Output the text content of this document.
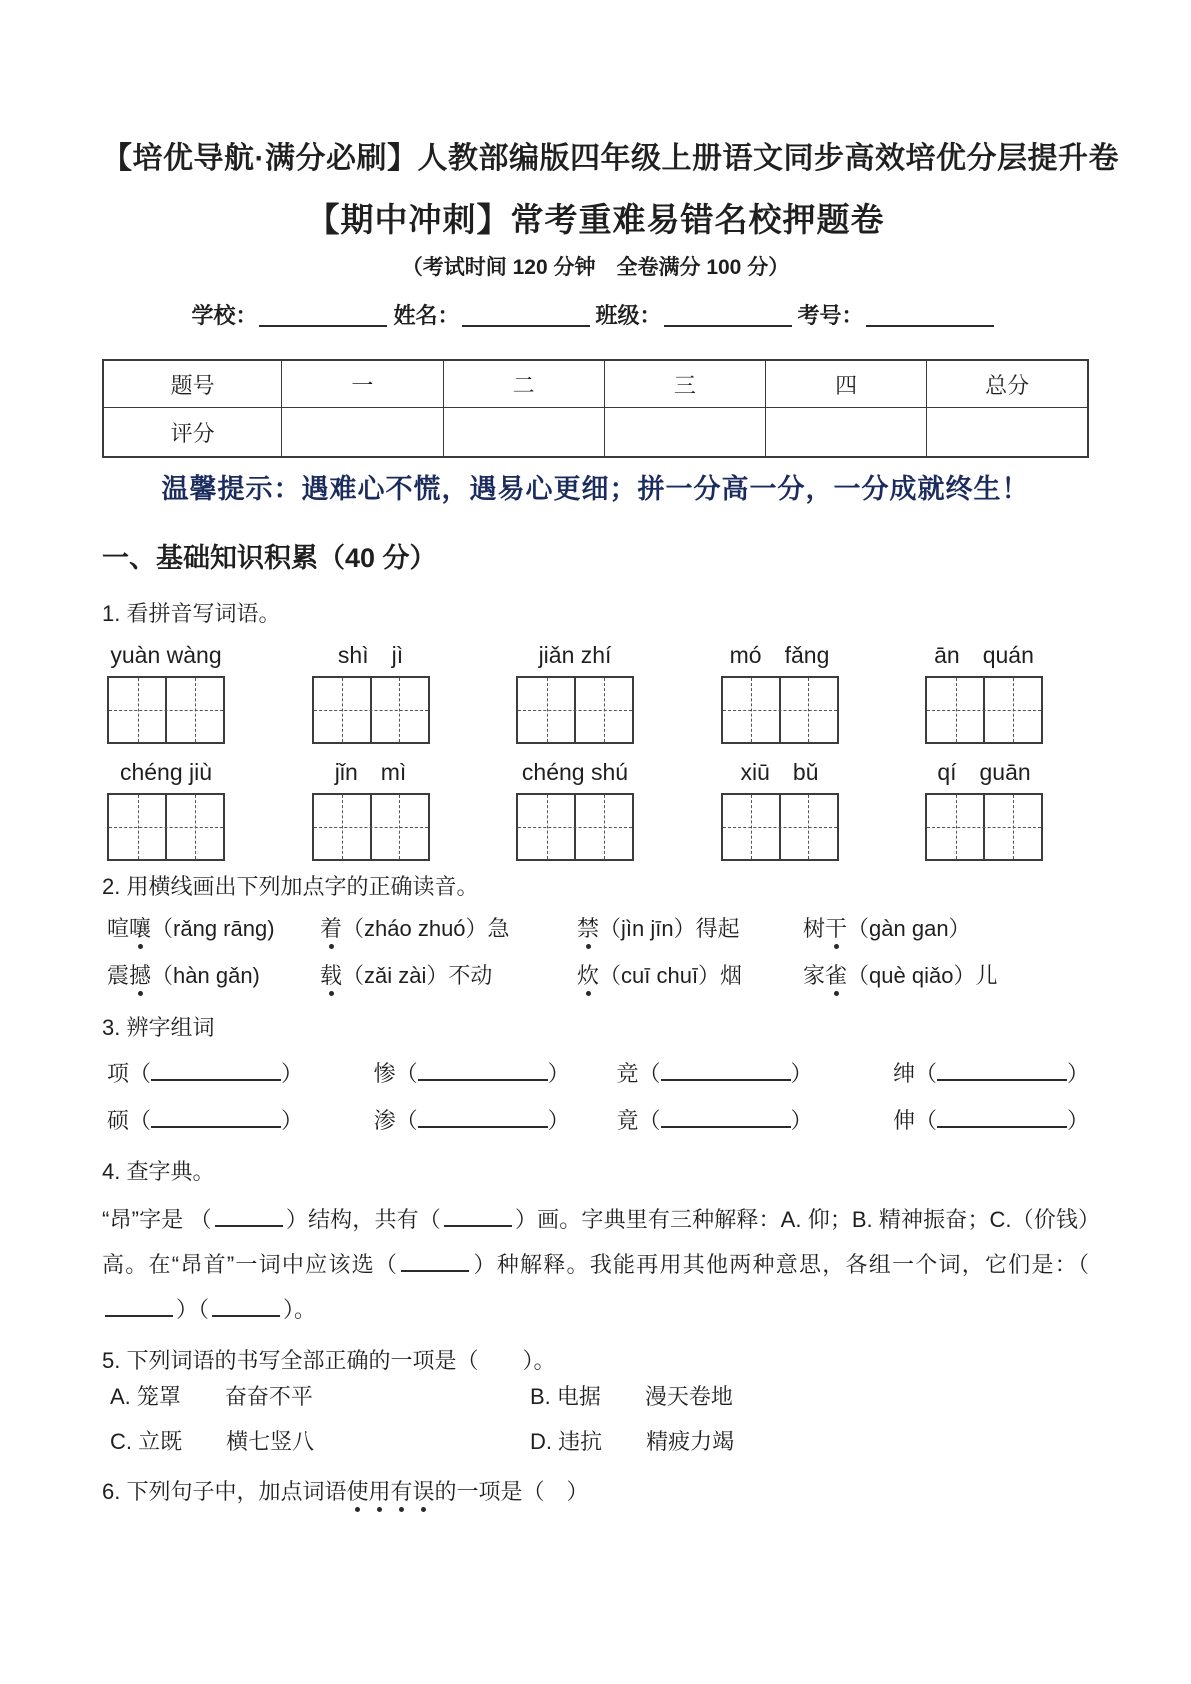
【培优导航·满分必刷】人教部编版四年级上册语文同步高效培优分层提升卷
【期中冲刺】常考重难易错名校押题卷
（考试时间 120 分钟　全卷满分 100 分）
学校：	姓名：	班级：	考号：
题号	一	二	三	四	总分
评分					
温馨提示：遇难心不慌，遇易心更细；拼一分高一分，一分成就终生！
一、基础知识积累（40 分）
1. 看拼音写词语。
yuàn wàng	shì　jì	jiǎn zhí	mó　fǎng	ān　quán
chéng jiù	jǐn　mì	chéng shú	xiū　bǔ	qí　guān
2. 用横线画出下列加点字的正确读音。
喧嚷（rǎng rāng)	着（zháo zhuó）急	禁（jìn jīn）得起	树干（gàn gan）
震撼（hàn gǎn)	载（zǎi zài）不动	炊（cuī chuī）烟	家雀（què qiǎo）儿
3. 辨字组词
项（	）	惨（	）	竞（	）	绅（	）
硕（	）	渗（	）	竟（	）	伸（	）
4. 查字典。
“昂”字是 （	）结构，共有（	）画。字典里有三种解释：A. 仰；B. 精神振奋；C.（价钱）高。在“昂首”一词中应该选（	）种解释。我能再用其他两种意思，各组一个词，它们是：（）（	）。
5. 下列词语的书写全部正确的一项是（　　）。
A. 笼罩　　奋奋不平	B. 电据　　漫天卷地
C. 立既　　横七竖八	D. 违抗　　精疲力竭
6. 下列句子中，加点词语使用有误的一项是（　）
